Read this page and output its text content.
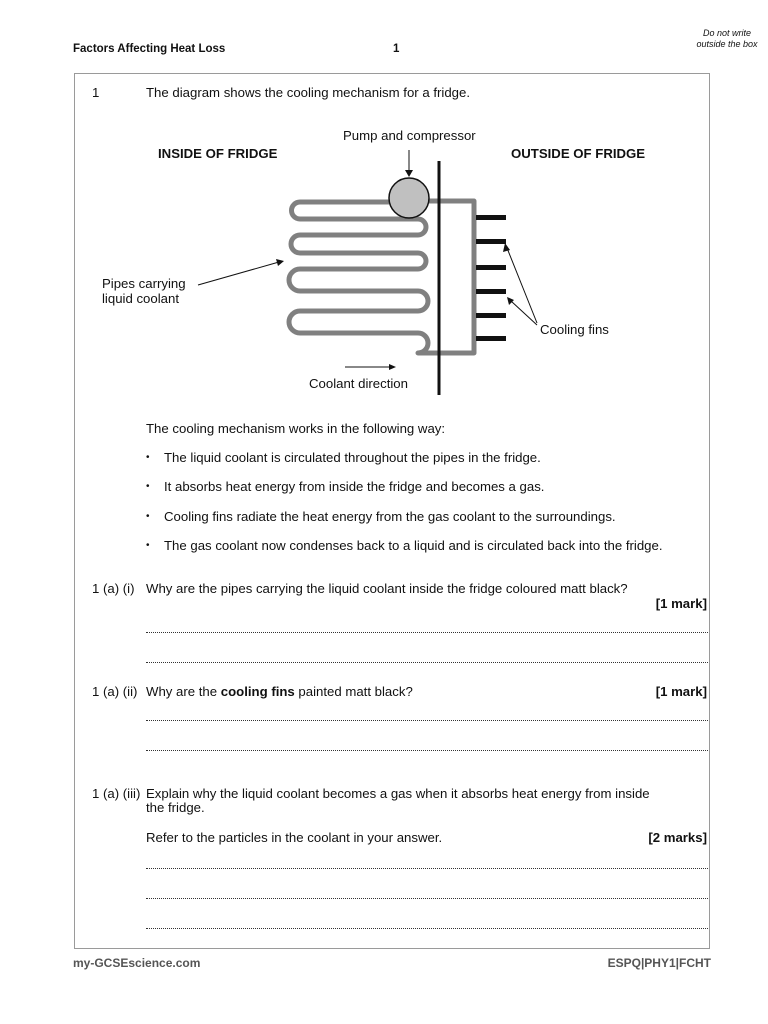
Factors Affecting Heat Loss	1
Do not write outside the box
1	The diagram shows the cooling mechanism for a fridge.
Pump and compressor
INSIDE OF FRIDGE	OUTSIDE OF FRIDGE
Pipes carrying
liquid coolant
Cooling fins
Coolant direction
The cooling mechanism works in the following way:
• The liquid coolant is circulated throughout the pipes in the fridge.
• It absorbs heat energy from inside the fridge and becomes a gas.
• Cooling fins radiate the heat energy from the gas coolant to the surroundings.
• The gas coolant now condenses back to a liquid and is circulated back into the fridge.
1 (a) (i) Why are the pipes carrying the liquid coolant inside the fridge coloured matt black?
[1 mark]
1 (a) (ii) Why are the cooling fins painted matt black?	[1 mark]
1 (a) (iii) Explain why the liquid coolant becomes a gas when it absorbs heat energy from inside
the fridge.
Refer to the particles in the coolant in your answer.	[2 marks]
my-GCSEscience.com	ESPQ|PHY1|FCHT
